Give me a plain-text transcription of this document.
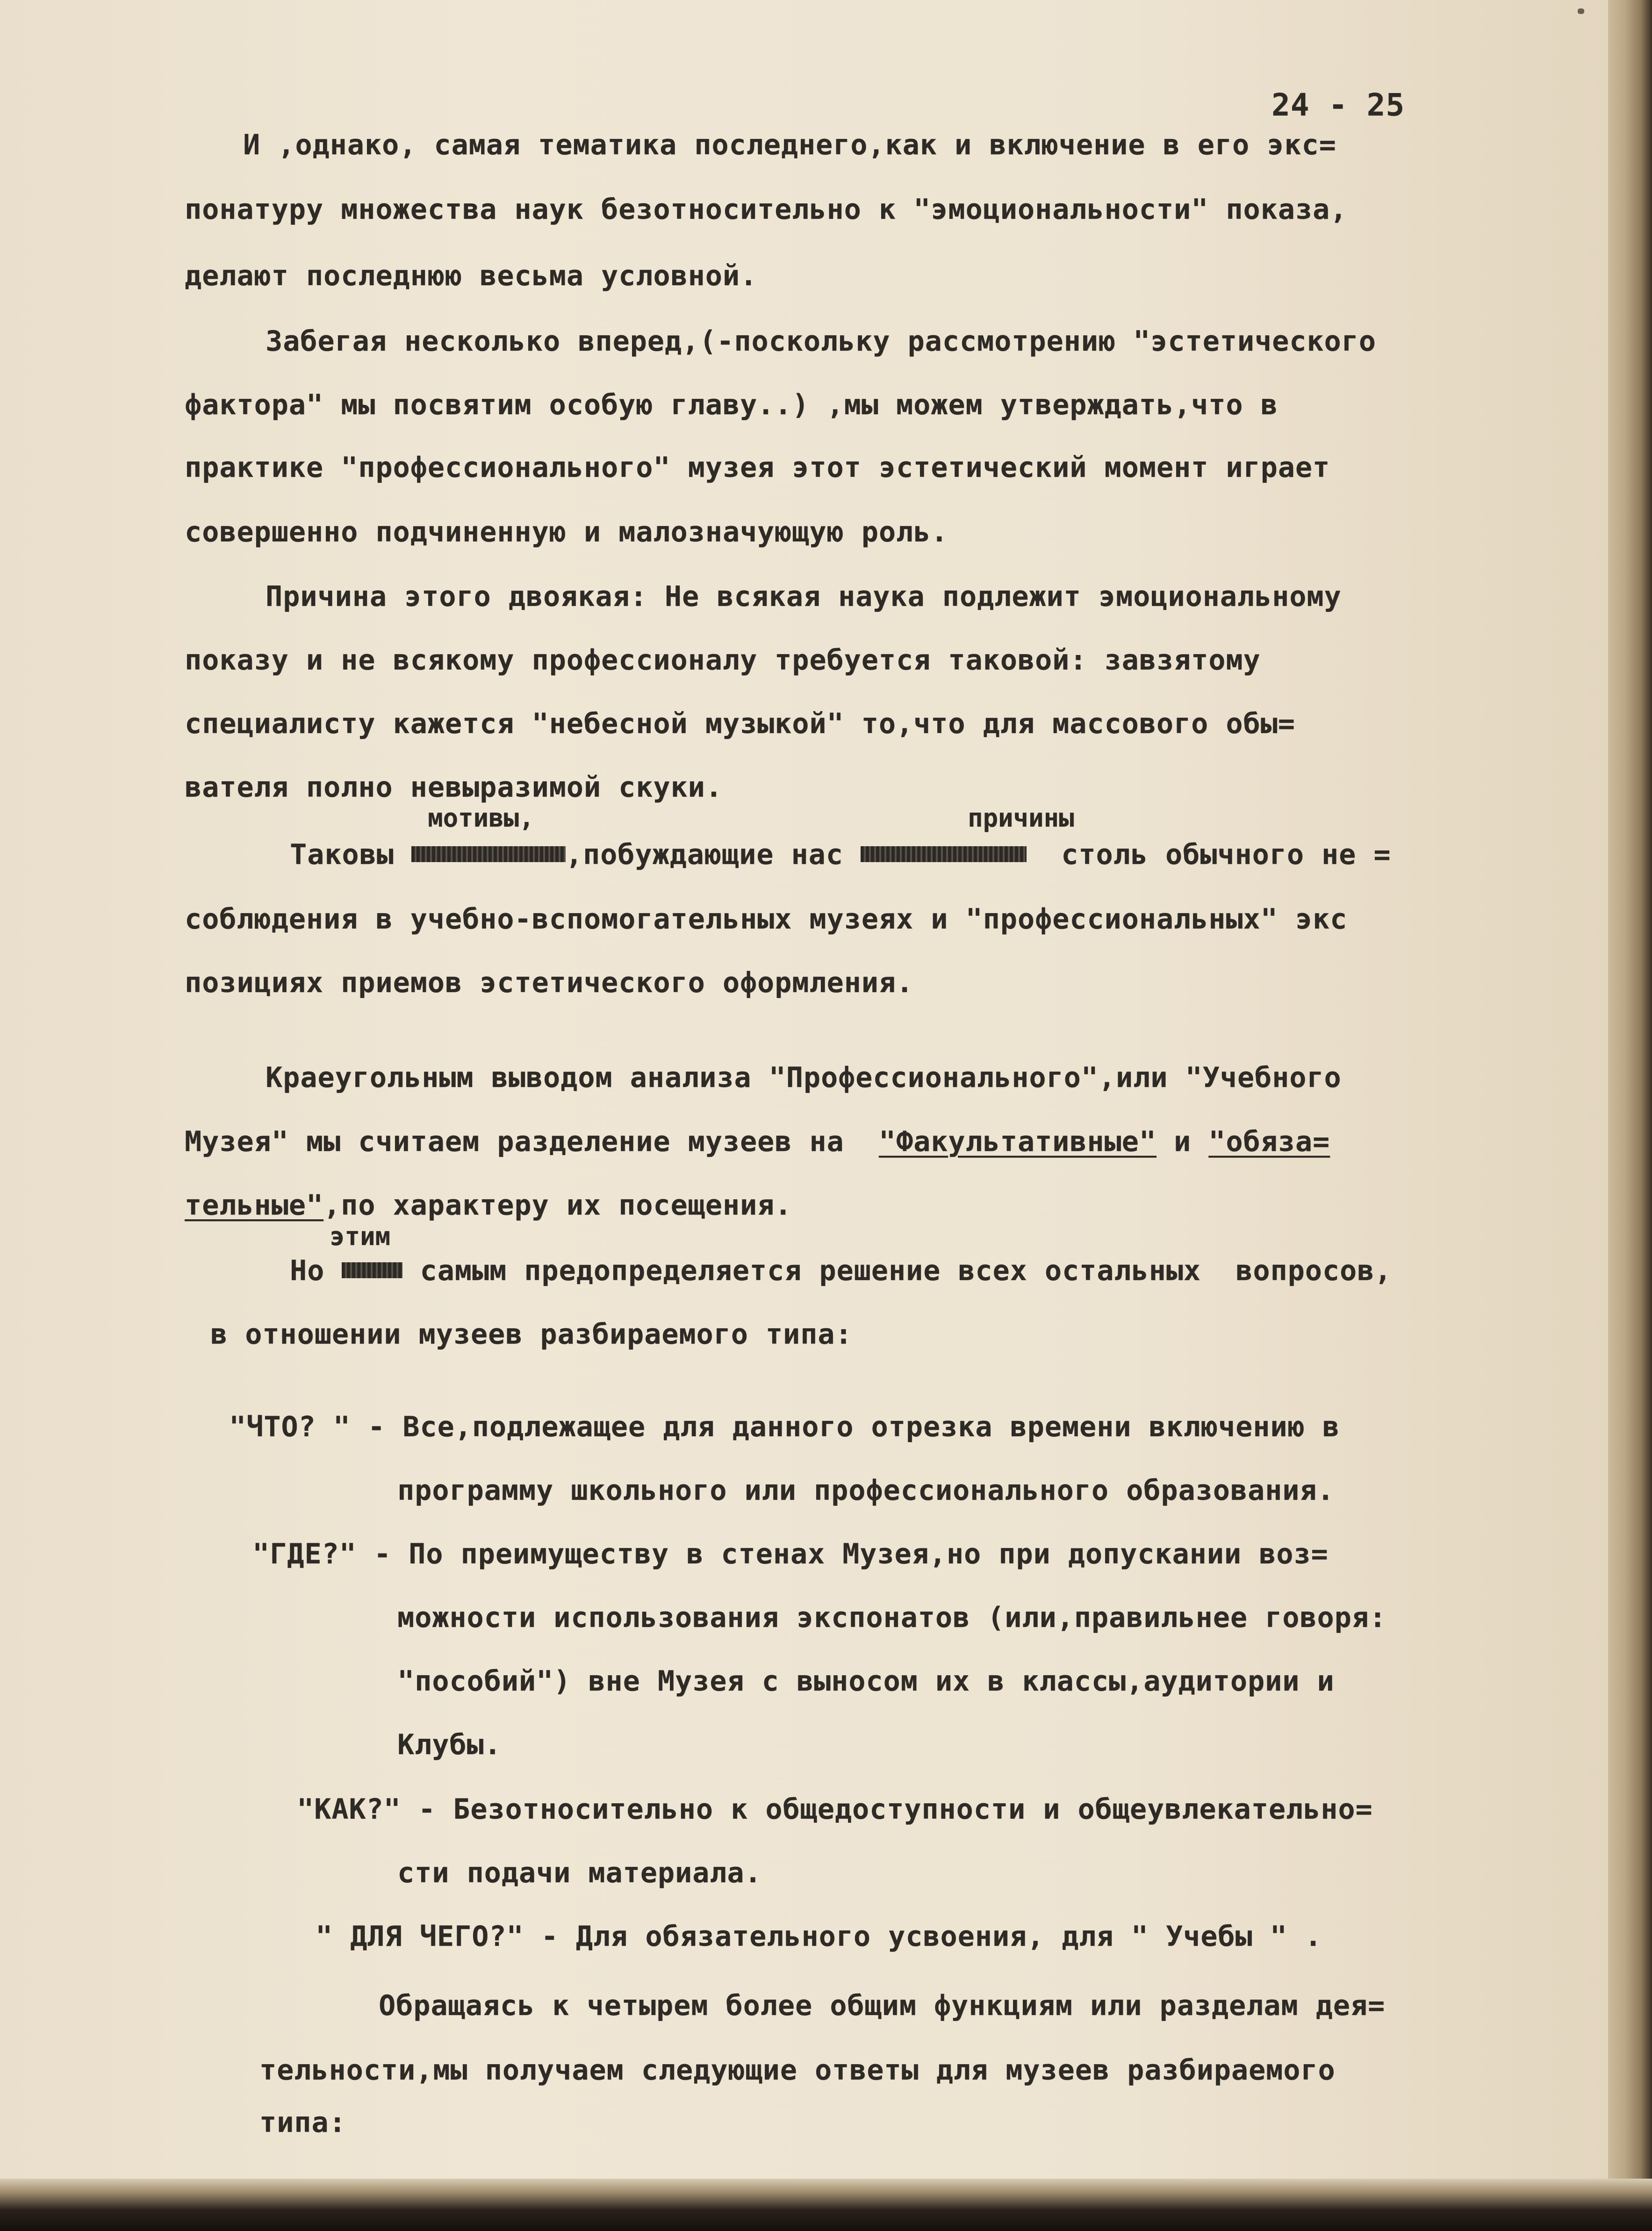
24 - 25
И ,однако, самая тематика последнего,как и включение в его экс=
понатуру множества наук безотносительно к "эмоциональности" показа,
делают последнюю весьма условной.
Забегая несколько вперед,(-поскольку рассмотрению "эстетического
фактора" мы посвятим особую главу..) ,мы можем утверждать,что в
практике "профессионального" музея этот эстетический момент играет
совершенно подчиненную и малозначующую роль.
Причина этого двоякая: Не всякая наука подлежит эмоциональному
показу и не всякому профессионалу требуется таковой: завзятому
специалисту кажется "небесной музыкой" то,что для массового обы=
вателя полно невыразимой скуки.
мотивы,	причины
Таковы	,побуждающие нас	столь обычного не =
соблюдения в учебно-вспомогательных музеях и "профессиональных" экс
позициях приемов эстетического оформления.
Краеугольным выводом анализа "Профессионального",или "Учебного
Музея" мы считаем разделение музеев на  "Факультативные" и "обяза=
тельные",по характеру их посещения.
этим
Но  самым предопределяется решение всех остальных  вопросов,
в отношении музеев разбираемого типа:
"ЧТО? " - Все,подлежащее для данного отрезка времени включению в
программу школьного или профессионального образования.
"ГДЕ?" - По преимуществу в стенах Музея,но при допускании воз=
можности использования экспонатов (или,правильнее говоря:
"пособий") вне Музея с выносом их в классы,аудитории и
Клубы.
"КАК?" - Безотносительно к общедоступности и общеувлекательно=
сти подачи материала.
" ДЛЯ ЧЕГО?" - Для обязательного усвоения, для " Учебы " .
Обращаясь к четырем более общим функциям или разделам дея=
тельности,мы получаем следующие ответы для музеев разбираемого
типа:
